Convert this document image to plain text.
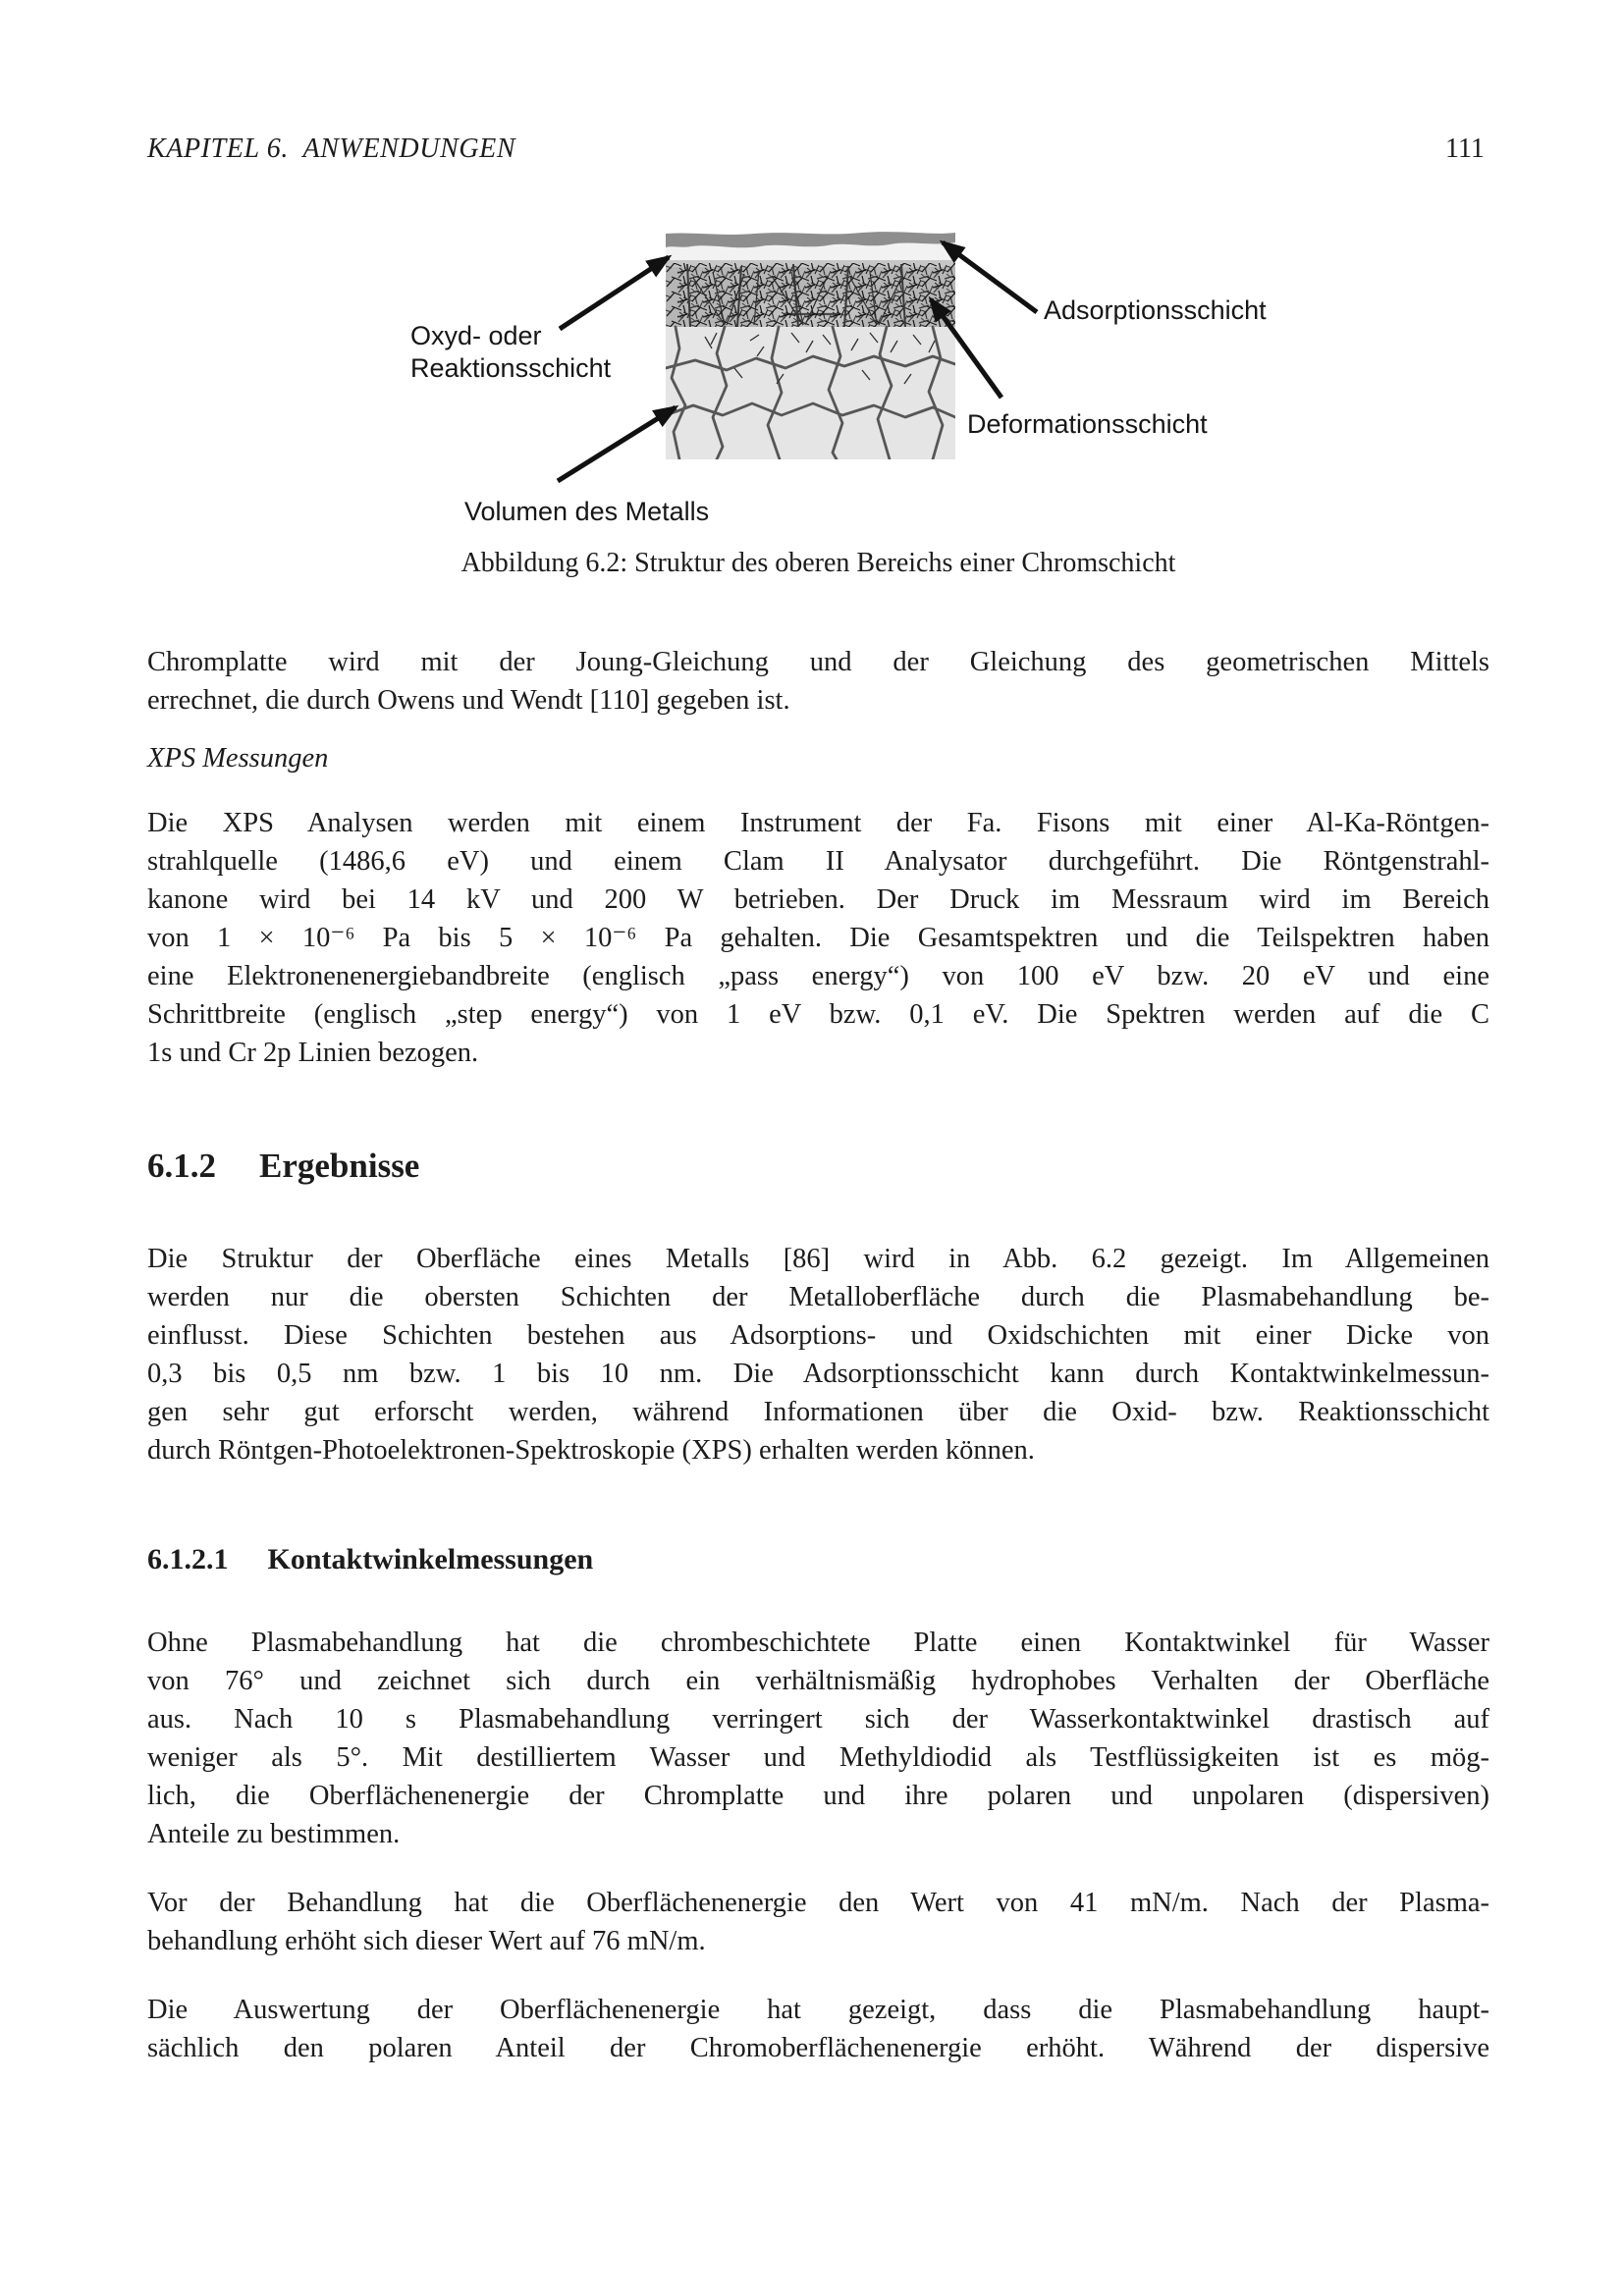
KAPITEL 6. ANWENDUNGEN	111
Oxyd- oder
Reaktionsschicht
Adsorptionsschicht
Deformationsschicht
Volumen des Metalls
Abbildung 6.2: Struktur des oberen Bereichs einer Chromschicht
Chromplatte wird mit der Joung-Gleichung und der Gleichung des geometrischen Mittels
errechnet, die durch Owens und Wendt [110] gegeben ist.
XPS Messungen
Die XPS Analysen werden mit einem Instrument der Fa. Fisons mit einer Al-Ka-Röntgen-
strahlquelle (1486,6 eV) und einem Clam II Analysator durchgeführt. Die Röntgenstrahl-
kanone wird bei 14 kV und 200 W betrieben. Der Druck im Messraum wird im Bereich
von 1 × 10⁻⁶ Pa bis 5 × 10⁻⁶ Pa gehalten. Die Gesamtspektren und die Teilspektren haben
eine Elektronenenergiebandbreite (englisch „pass energy“) von 100 eV bzw. 20 eV und eine
Schrittbreite (englisch „step energy“) von 1 eV bzw. 0,1 eV. Die Spektren werden auf die C
1s und Cr 2p Linien bezogen.
6.1.2 Ergebnisse
Die Struktur der Oberfläche eines Metalls [86] wird in Abb. 6.2 gezeigt. Im Allgemeinen
werden nur die obersten Schichten der Metalloberfläche durch die Plasmabehandlung be-
einflusst. Diese Schichten bestehen aus Adsorptions- und Oxidschichten mit einer Dicke von
0,3 bis 0,5 nm bzw. 1 bis 10 nm. Die Adsorptionsschicht kann durch Kontaktwinkelmessun-
gen sehr gut erforscht werden, während Informationen über die Oxid- bzw. Reaktionsschicht
durch Röntgen-Photoelektronen-Spektroskopie (XPS) erhalten werden können.
6.1.2.1 Kontaktwinkelmessungen
Ohne Plasmabehandlung hat die chrombeschichtete Platte einen Kontaktwinkel für Wasser
von 76° und zeichnet sich durch ein verhältnismäßig hydrophobes Verhalten der Oberfläche
aus. Nach 10 s Plasmabehandlung verringert sich der Wasserkontaktwinkel drastisch auf
weniger als 5°. Mit destilliertem Wasser und Methyldiodid als Testflüssigkeiten ist es mög-
lich, die Oberflächenenergie der Chromplatte und ihre polaren und unpolaren (dispersiven)
Anteile zu bestimmen.
Vor der Behandlung hat die Oberflächenenergie den Wert von 41 mN/m. Nach der Plasma-
behandlung erhöht sich dieser Wert auf 76 mN/m.
Die Auswertung der Oberflächenenergie hat gezeigt, dass die Plasmabehandlung haupt-
sächlich den polaren Anteil der Chromoberflächenenergie erhöht. Während der dispersive
